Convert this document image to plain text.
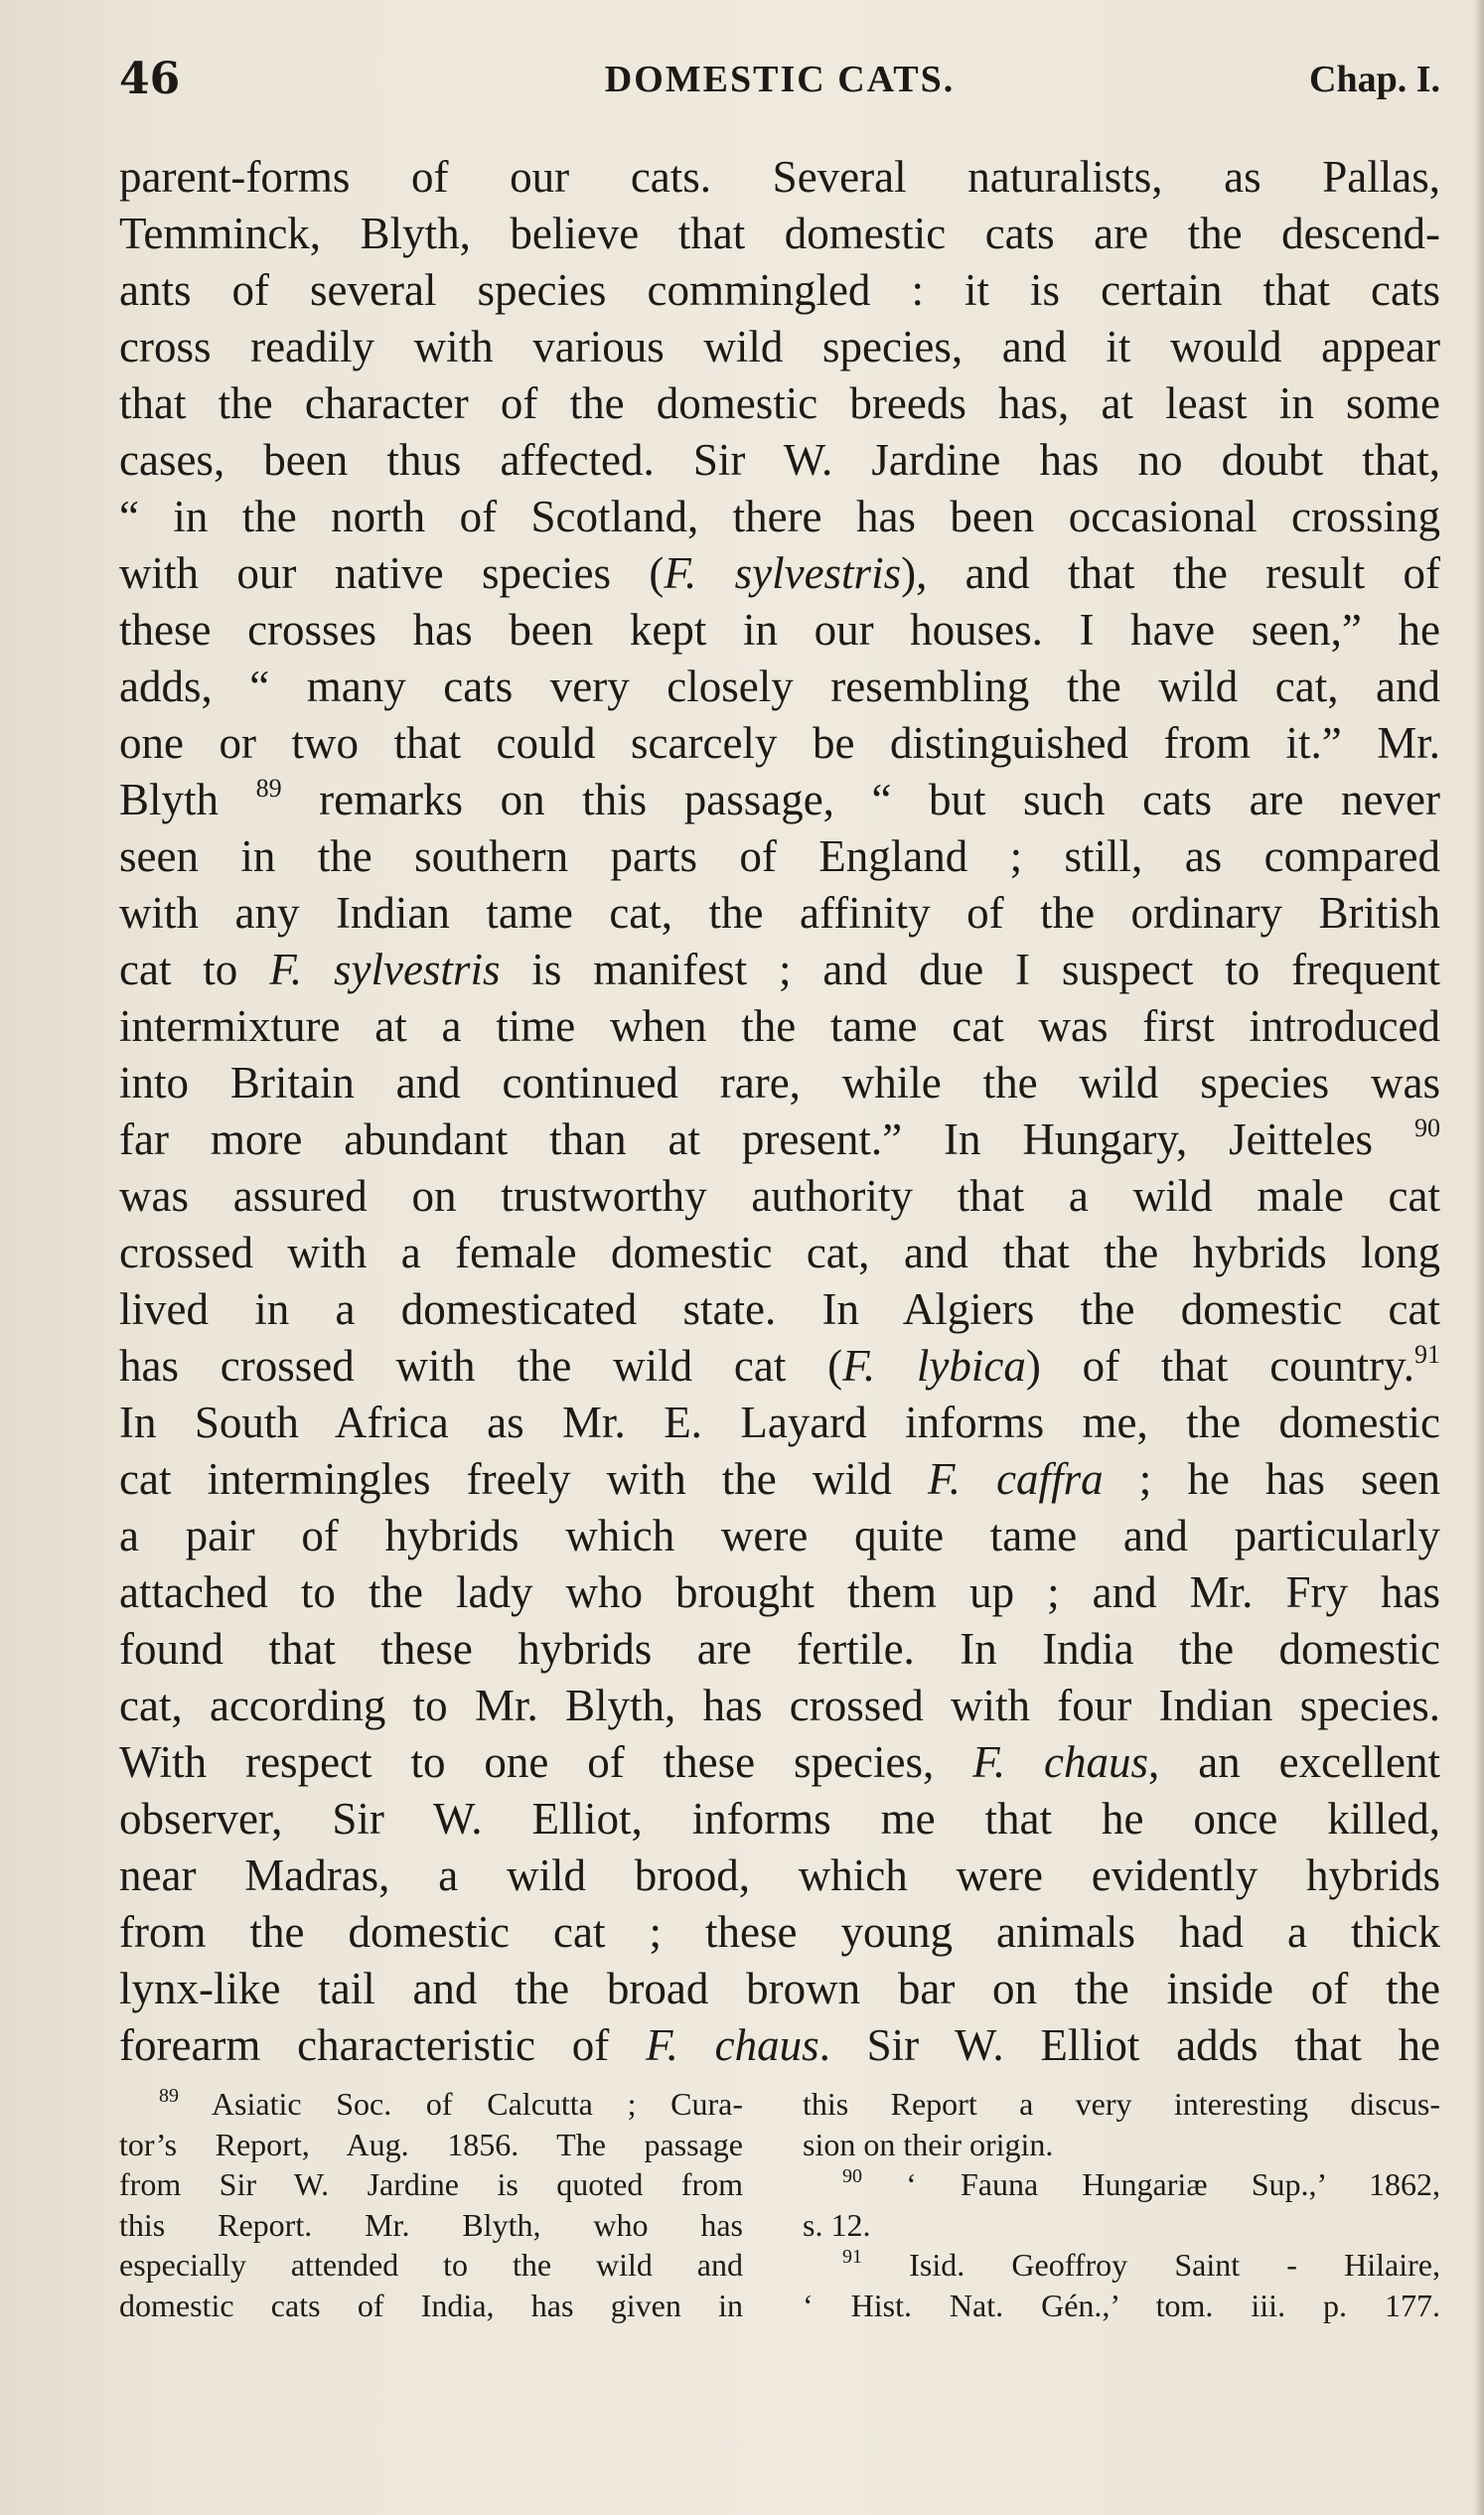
46	DOMESTIC CATS.	Chap. I.
parent-forms of our cats. Several naturalists, as Pallas,
Temminck, Blyth, believe that domestic cats are the descend-
ants of several species commingled : it is certain that cats
cross readily with various wild species, and it would appear
that the character of the domestic breeds has, at least in some
cases, been thus affected. Sir W. Jardine has no doubt that,
“ in the north of Scotland, there has been occasional crossing
with our native species (F. sylvestris), and that the result of
these crosses has been kept in our houses. I have seen,” he
adds, “ many cats very closely resembling the wild cat, and
one or two that could scarcely be distinguished from it.” Mr.
Blyth $^{89}$ remarks on this passage, “ but such cats are never
seen in the southern parts of England ; still, as compared
with any Indian tame cat, the affinity of the ordinary British
cat to F. sylvestris is manifest ; and due I suspect to frequent
intermixture at a time when the tame cat was first introduced
into Britain and continued rare, while the wild species was
far more abundant than at present.” In Hungary, Jeitteles $^{90}$
was assured on trustworthy authority that a wild male cat
crossed with a female domestic cat, and that the hybrids long
lived in a domesticated state. In Algiers the domestic cat
has crossed with the wild cat (F. lybica) of that country.$^{91}$
In South Africa as Mr. E. Layard informs me, the domestic
cat intermingles freely with the wild F. caffra ; he has seen
a pair of hybrids which were quite tame and particularly
attached to the lady who brought them up ; and Mr. Fry has
found that these hybrids are fertile. In India the domestic
cat, according to Mr. Blyth, has crossed with four Indian species.
With respect to one of these species, F. chaus, an excellent
observer, Sir W. Elliot, informs me that he once killed,
near Madras, a wild brood, which were evidently hybrids
from the domestic cat ; these young animals had a thick
lynx-like tail and the broad brown bar on the inside of the
forearm characteristic of F. chaus. Sir W. Elliot adds that he
$^{89}$ Asiatic Soc. of Calcutta ; Cura-
tor’s Report, Aug. 1856. The passage
from Sir W. Jardine is quoted from
this Report. Mr. Blyth, who has
especially attended to the wild and
domestic cats of India, has given in
this Report a very interesting discus-
sion on their origin.
$^{90}$ ‘ Fauna Hungariæ Sup.,’ 1862,
s. 12.
$^{91}$ Isid. Geoffroy Saint - Hilaire,
‘ Hist. Nat. Gén.,’ tom. iii. p. 177.
